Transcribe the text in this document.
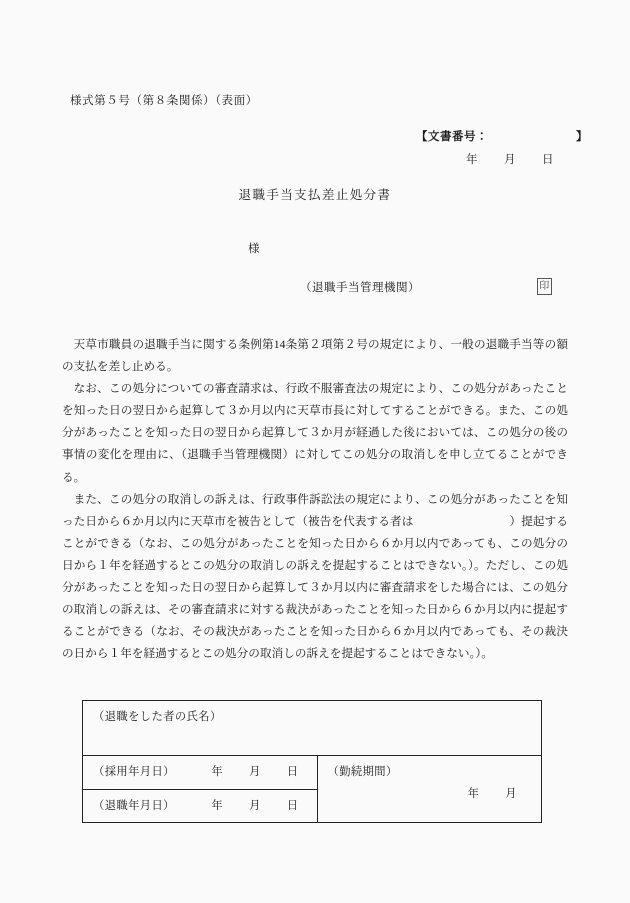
様式第５号（第８条関係）（表面）
【文書番号：	】
年 月 日
退職手当支払差止処分書
様
（退職手当管理機関）	印

天草市職員の退職手当に関する条例第14条第２項第２号の規定により、一般の退職手当等の額の支払を差し止める。

なお、この処分についての審査請求は、行政不服審査法の規定により、この処分があったことを知った日の翌日から起算して３か月以内に天草市長に対してすることができる。また、この処分があったことを知った日の翌日から起算して３か月が経過した後においては、この処分の後の事情の変化を理由に、（退職手当管理機関）に対してこの処分の取消しを申し立てることができる。

また、この処分の取消しの訴えは、行政事件訴訟法の規定により、この処分があったことを知った日から６か月以内に天草市を被告として（被告を代表する者は	）提起することができる（なお、この処分があったことを知った日から６か月以内であっても、この処分の日から１年を経過するとこの処分の取消しの訴えを提起することはできない。）。ただし、この処分があったことを知った日の翌日から起算して３か月以内に審査請求をした場合には、この処分の取消しの訴えは、その審査請求に対する裁決があったことを知った日から６か月以内に提起することができる（なお、その裁決があったことを知った日から６か月以内であっても、その裁決の日から１年を経過するとこの処分の取消しの訴えを提起することはできない。）。

（退職をした者の氏名）
（採用年月日）	年 月 日	（勤続期間）
年 月

（退職年月日）	年 月 日
